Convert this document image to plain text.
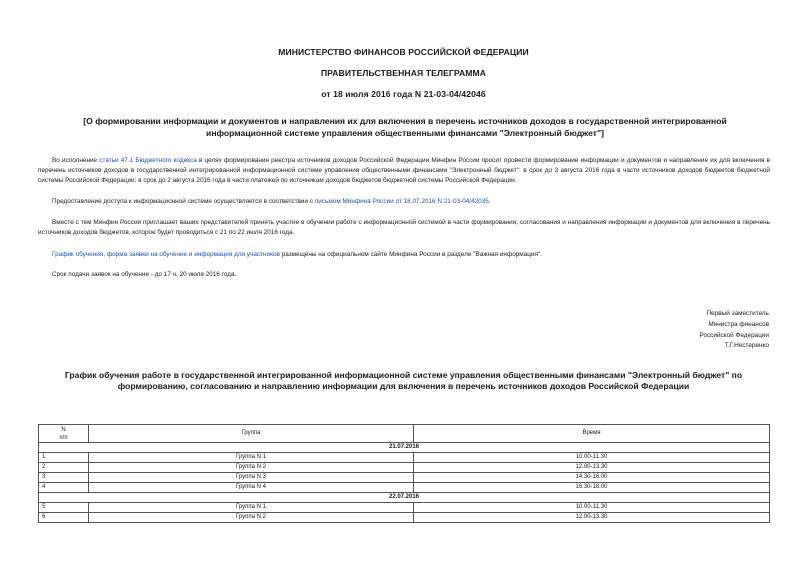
МИНИСТЕРСТВО ФИНАНСОВ РОССИЙСКОЙ ФЕДЕРАЦИИ
ПРАВИТЕЛЬСТВЕННАЯ ТЕЛЕГРАММА
от 18 июля 2016 года N 21-03-04/42046
[О формировании информации и документов и направления их для включения в перечень источников доходов в государственной интегрированной
информационной системе управления общественными финансами "Электронный бюджет"]
Во исполнение статьи 47.1 Бюджетного кодекса в целях формирования реестра источников доходов Российской Федерации Минфин России просит провести формирование информации и документов и направление их для включения в перечень источников доходов в государственной интегрированной информационной системе управления общественными финансами "Электронный бюджет": в срок до 3 августа 2016 года в части источников доходов бюджетов бюджетной системы Российской Федерации; в срок до 2 августа 2016 года в части платежей по источникам доходов бюджетов бюджетной системы Российской Федерации.
Предоставление доступа к информационной системе осуществляется в соответствии с письмом Минфина России от 18.07.2016 N 21-03-04/42035.
Вместе с тем Минфин России приглашает ваших представителей принять участие в обучении работе с информационной системой в части формирования, согласования и направления информации и документов для включения в перечень источников доходов бюджетов, которое будет проводиться с 21 по 22 июля 2016 года.
График обучения, форма заявки на обучение и информация для участников размещены на официальном сайте Минфина России в разделе "Важная информация".
Срок подачи заявок на обучение - до 17 ч. 20 июля 2016 года.
Первый заместитель
Министра финансов
Российской Федерации
Т.Г.Нестеренко
График обучения работе в государственной интегрированной информационной системе управления общественными финансами "Электронный бюджет" по
формированию, согласованию и направлению информации для включения в перечень источников доходов Российской Федерации
N
п/п	Группа	Время
21.07.2016		
1	Группа N 1	10.00-11.30
2	Группа N 2	12.00-13.30
3	Группа N 3	14.30-16.00
4	Группа N 4	16.30-18.00
22.07.2016		
5	Группа N 1	10.00-11.30
6	Группа N 2	12.00-13.30
